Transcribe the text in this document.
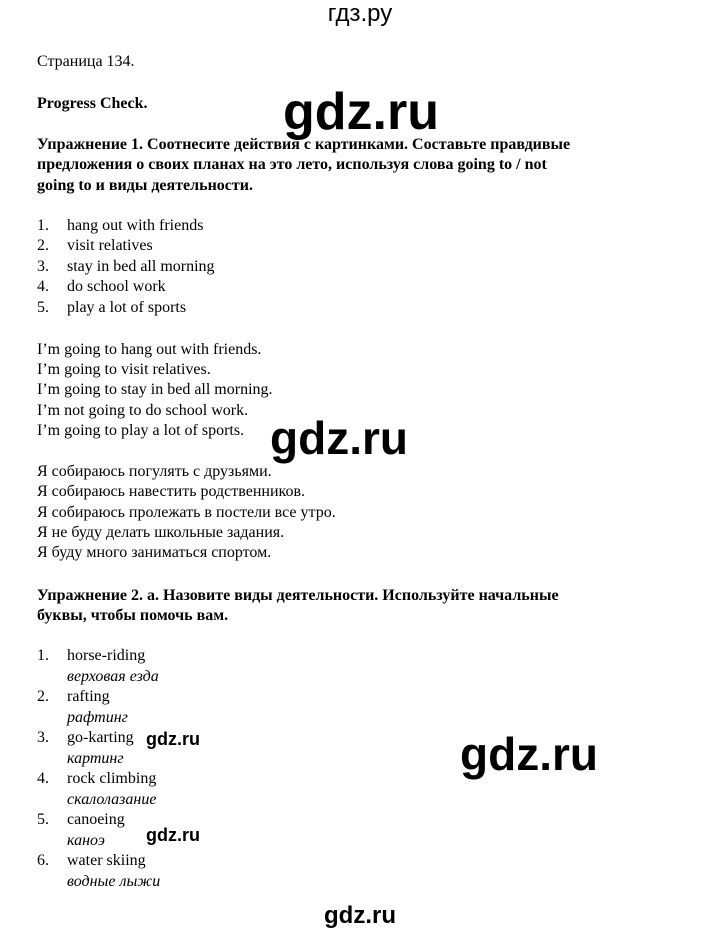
гдз.ру
Страница 134.
Progress Check.	gdz.ru
Упражнение 1. Соотнесите действия с картинками. Составьте правдивые
предложения о своих планах на это лето, используя слова going to / not
going to и виды деятельности.
1. hang out with friends
2. visit relatives
3. stay in bed all morning
4. do school work
5. play a lot of sports
I’m going to hang out with friends.
I’m going to visit relatives.
I’m going to stay in bed all morning.
I’m not going to do school work.
I’m going to play a lot of sports. gdz.ru
Я собираюсь погулять с друзьями.
Я собираюсь навестить родственников.
Я собираюсь пролежать в постели все утро.
Я не буду делать школьные задания.
Я буду много заниматься спортом.
Упражнение 2. а. Назовите виды деятельности. Используйте начальные
буквы, чтобы помочь вам.
1. horse-riding
верховая езда
2. rafting
рафтинг
3. go-karting gdz.ru
картинг	gdz.ru
4. rock climbing
скалолазание
5. canoeing
каноэ gdz.ru
6. water skiing
водные лыжи
gdz.ru
